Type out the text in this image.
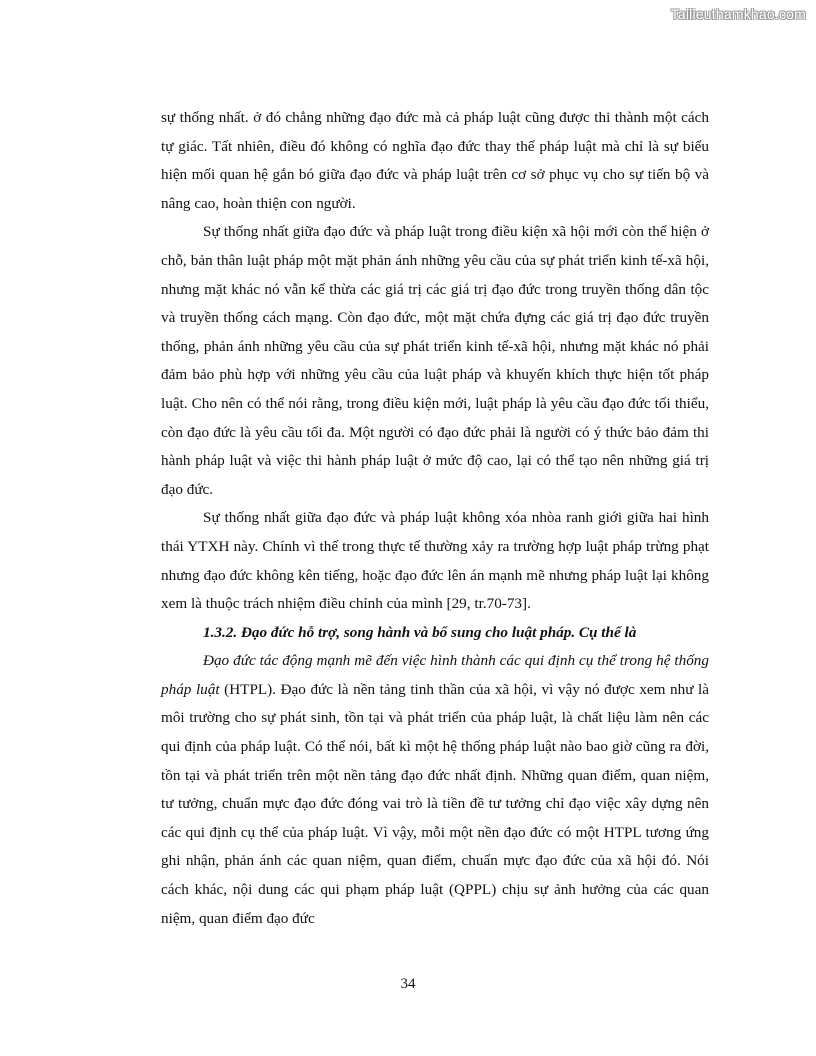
Tailieuthamkhao.com

sự thống nhất. ở đó chẳng những đạo đức mà cả pháp luật cũng được thi thành một cách tự giác. Tất nhiên, điều đó không có nghĩa đạo đức thay thế pháp luật mà chỉ là sự biểu hiện mối quan hệ gắn bó giữa đạo đức và pháp luật trên cơ sở phục vụ cho sự tiến bộ và nâng cao, hoàn thiện con người.

Sự thống nhất giữa đạo đức và pháp luật trong điều kiện xã hội mới còn thể hiện ở chỗ, bản thân luật pháp một mặt phản ánh những yêu cầu của sự phát triển kinh tế-xã hội, nhưng mặt khác nó vẫn kế thừa các giá trị các giá trị đạo đức trong truyền thống dân tộc và truyền thống cách mạng. Còn đạo đức, một mặt chứa đựng các giá trị đạo đức truyền thống, phản ánh những yêu cầu của sự phát triển kinh tế-xã hội, nhưng mặt khác nó phải đảm bảo phù hợp với những yêu cầu của luật pháp và khuyến khích thực hiện tốt pháp luật. Cho nên có thể nói rằng, trong điều kiện mới, luật pháp là yêu cầu đạo đức tối thiểu, còn đạo đức là yêu cầu tối đa. Một người có đạo đức phải là người có ý thức bảo đảm thi hành pháp luật và việc thi hành pháp luật ở mức độ cao, lại có thể tạo nên những giá trị đạo đức.

Sự thống nhất giữa đạo đức và pháp luật không xóa nhòa ranh giới giữa hai hình thái YTXH này. Chính vì thế trong thực tế thường xảy ra trường hợp luật pháp trừng phạt nhưng đạo đức không kên tiếng, hoặc đạo đức lên án mạnh mẽ nhưng pháp luật lại không xem là thuộc trách nhiệm điều chỉnh của mình [29, tr.70-73].

1.3.2. Đạo đức hỗ trợ, song hành và bổ sung cho luật pháp. Cụ thể là

Đạo đức tác động mạnh mẽ đến việc hình thành các qui định cụ thể trong hệ thống pháp luật (HTPL). Đạo đức là nền tảng tinh thần của xã hội, vì vậy nó được xem như là môi trường cho sự phát sinh, tồn tại và phát triển của pháp luật, là chất liệu làm nên các qui định của pháp luật. Có thể nói, bất kì một hệ thống pháp luật nào bao giờ cũng ra đời, tồn tại và phát triển trên một nền tảng đạo đức nhất định. Những quan điểm, quan niệm, tư tưởng, chuẩn mực đạo đức đóng vai trò là tiền đề tư tưởng chỉ đạo việc xây dựng nên các qui định cụ thể của pháp luật. Vì vậy, mỗi một nền đạo đức có một HTPL tương ứng ghi nhận, phản ánh các quan niệm, quan điểm, chuẩn mực đạo đức của xã hội đó. Nói cách khác, nội dung các qui phạm pháp luật (QPPL) chịu sự ảnh hưởng của các quan niệm, quan điểm đạo đức

34
